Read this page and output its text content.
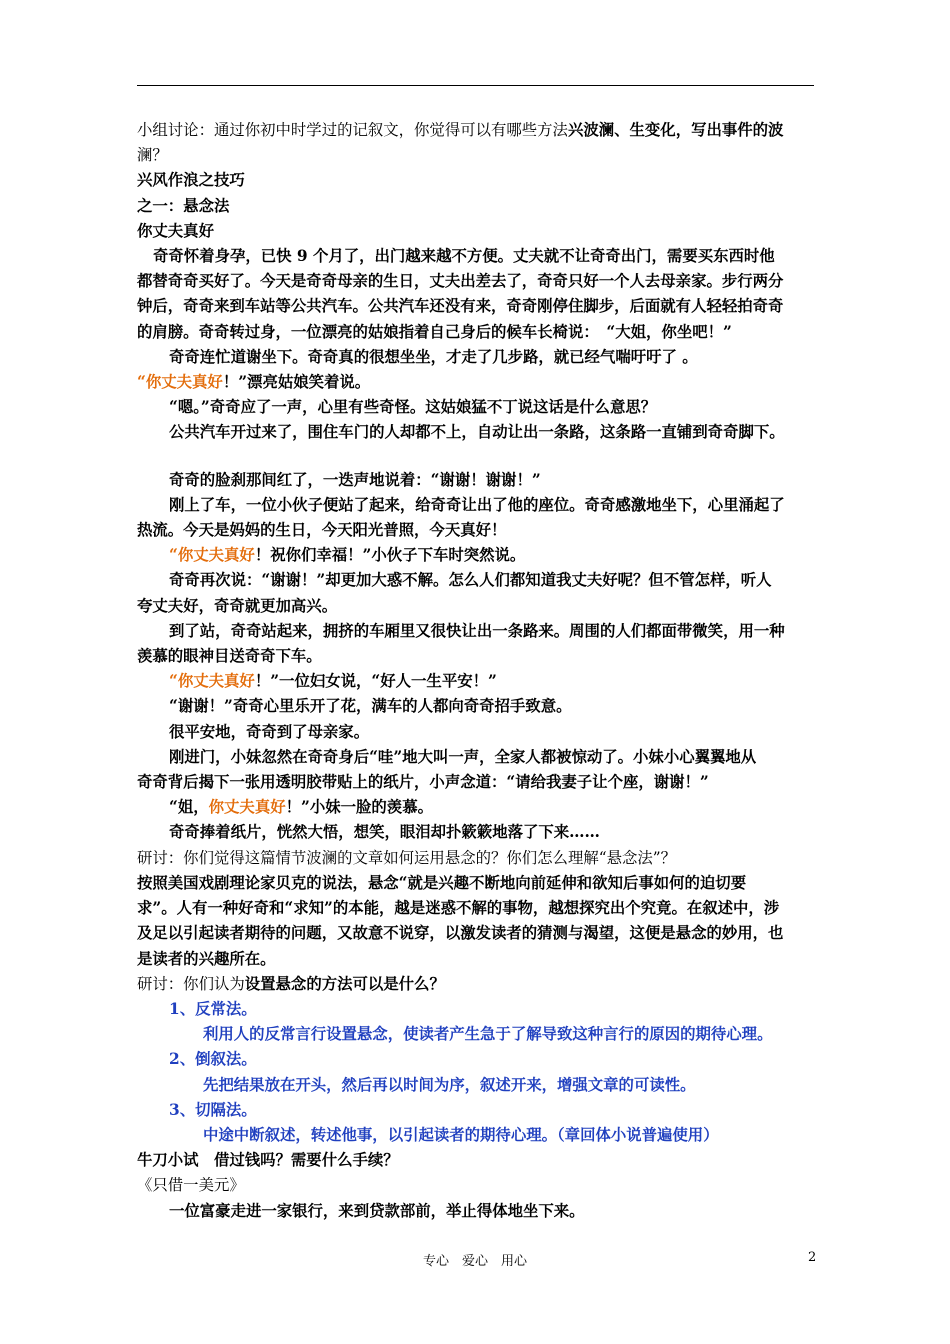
小组讨论：通过你初中时学过的记叙文，你觉得可以有哪些方法兴波澜、生变化，写出事件的波

澜？

兴风作浪之技巧

之一：悬念法

你丈夫真好

奇奇怀着身孕，已快 9 个月了，出门越来越不方便。丈夫就不让奇奇出门，需要买东西时他

都替奇奇买好了。今天是奇奇母亲的生日，丈夫出差去了，奇奇只好一个人去母亲家。步行两分

钟后，奇奇来到车站等公共汽车。公共汽车还没有来，奇奇刚停住脚步，后面就有人轻轻拍奇奇

的肩膀。奇奇转过身，一位漂亮的姑娘指着自己身后的候车长椅说：　“大姐，你坐吧！”

奇奇连忙道谢坐下。奇奇真的很想坐坐，才走了几步路，就已经气喘吁吁了 。

“你丈夫真好！”漂亮姑娘笑着说。

“嗯。”奇奇应了一声，心里有些奇怪。这姑娘猛不丁说这话是什么意思？

公共汽车开过来了，围住车门的人却都不上，自动让出一条路，这条路一直铺到奇奇脚下。

奇奇的脸刹那间红了，一迭声地说着：“谢谢！谢谢！”

刚上了车，一位小伙子便站了起来，给奇奇让出了他的座位。奇奇感激地坐下，心里涌起了

热流。今天是妈妈的生日，今天阳光普照，今天真好！

“你丈夫真好！祝你们幸福！”小伙子下车时突然说。

奇奇再次说：“谢谢！”却更加大惑不解。怎么人们都知道我丈夫好呢？但不管怎样，听人

夸丈夫好，奇奇就更加高兴。

到了站，奇奇站起来，拥挤的车厢里又很快让出一条路来。周围的人们都面带微笑，用一种

羡慕的眼神目送奇奇下车。

“你丈夫真好！”一位妇女说，“好人一生平安！”

“谢谢！”奇奇心里乐开了花，满车的人都向奇奇招手致意。

很平安地，奇奇到了母亲家。

刚进门，小妹忽然在奇奇身后“哇”地大叫一声，全家人都被惊动了。小妹小心翼翼地从

奇奇背后揭下一张用透明胶带贴上的纸片，小声念道：“请给我妻子让个座，谢谢！”

“姐，你丈夫真好！”小妹一脸的羡慕。

奇奇捧着纸片，恍然大悟，想笑，眼泪却扑簌簌地落了下来……

研讨：你们觉得这篇情节波澜的文章如何运用悬念的？你们怎么理解“悬念法”？

按照美国戏剧理论家贝克的说法，悬念“就是兴趣不断地向前延伸和欲知后事如何的迫切要

求”。人有一种好奇和“求知”的本能，越是迷惑不解的事物，越想探究出个究竟。在叙述中，涉

及足以引起读者期待的问题，又故意不说穿，以激发读者的猜测与渴望，这便是悬念的妙用，也

是读者的兴趣所在。

研讨：你们认为设置悬念的方法可以是什么？

1、反常法。

利用人的反常言行设置悬念，使读者产生急于了解导致这种言行的原因的期待心理。

2、倒叙法。

先把结果放在开头，然后再以时间为序，叙述开来，增强文章的可读性。

3、切隔法。

中途中断叙述，转述他事，以引起读者的期待心理。（章回体小说普遍使用）

牛刀小试　借过钱吗？需要什么手续？

《只借一美元》

一位富豪走进一家银行，来到贷款部前，举止得体地坐下来。

专心　爱心　用心	2
